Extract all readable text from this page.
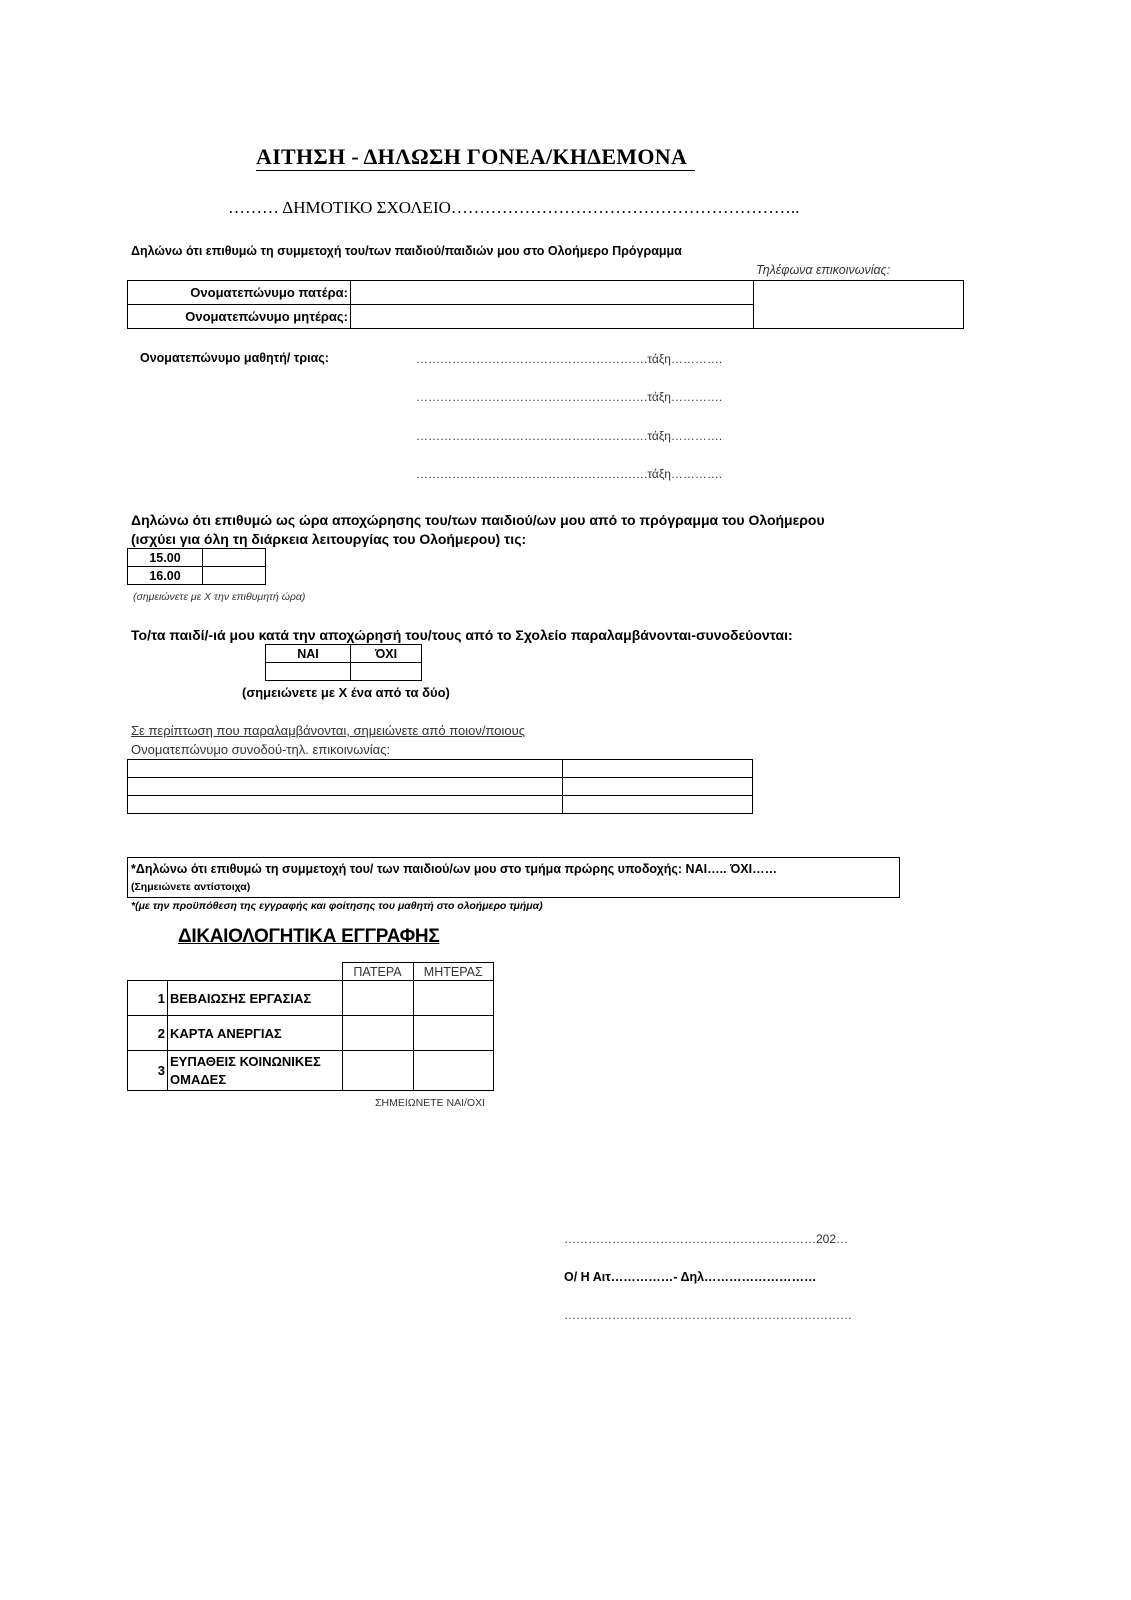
ΑΙΤΗΣΗ - ΔΗΛΩΣΗ ΓΟΝΕΑ/ΚΗΔΕΜΟΝΑ
……… ΔΗΜΟΤΙΚΟ ΣΧΟΛΕΙΟ……………………………………………………..
Δηλώνω ότι επιθυμώ τη συμμετοχή του/των παιδιού/παιδιών μου στο Ολοήμερο Πρόγραμμα
Τηλέφωνα επικοινωνίας:
Ονοματεπώνυμο πατέρα:		
Ονοματεπώνυμο μητέρας:		
Ονοματεπώνυμο μαθητή/ τριας:	………………………………………………….τάξη………….
………………………………………………….τάξη………….
………………………………………………….τάξη………….
………………………………………………….τάξη………….
Δηλώνω ότι επιθυμώ ως ώρα αποχώρησης του/των παιδιού/ων μου από το πρόγραμμα του Ολοήμερου
(ισχύει για όλη τη διάρκεια λειτουργίας του Ολοήμερου) τις:
15.00	
16.00	
(σημειώνετε με Χ την επιθυμητή ώρα)
Το/τα παιδί/-ιά μου κατά την αποχώρησή του/τους από το Σχολείο παραλαμβάνονται-συνοδεύονται:
ΝΑΙ	ΌΧΙ

(σημειώνετε με Χ ένα από τα δύο)
Σε περίπτωση που παραλαμβάνονται, σημειώνετε από ποιον/ποιους
Ονοματεπώνυμο συνοδού-τηλ. επικοινωνίας:

*Δηλώνω ότι επιθυμώ τη συμμετοχή του/ των παιδιού/ων μου στο τμήμα πρώρης υποδοχής: ΝΑΙ….. ΌΧΙ……
(Σημειώνετε αντίστοιχα)
*(με την προϋπόθεση της εγγραφής και φοίτησης του μαθητή στο ολοήμερο τμήμα)
ΔΙΚΑΙΟΛΟΓΗΤΙΚΑ ΕΓΓΡΑΦΗΣ
		ΠΑΤΕΡΑ	ΜΗΤΕΡΑΣ
1	ΒΕΒΑΙΩΣΗΣ ΕΡΓΑΣΙΑΣ		
2	ΚΑΡΤΑ ΑΝΕΡΓΙΑΣ		
3	ΕΥΠΑΘΕΙΣ ΚΟΙΝΩΝΙΚΕΣ ΟΜΑΔΕΣ		
ΣΗΜΕΙΩΝΕΤΕ ΝΑΙ/ΟΧΙ
………………………………………………………202…
Ο/ Η Αιτ……………- Δηλ………………………
………………………………………………………………
